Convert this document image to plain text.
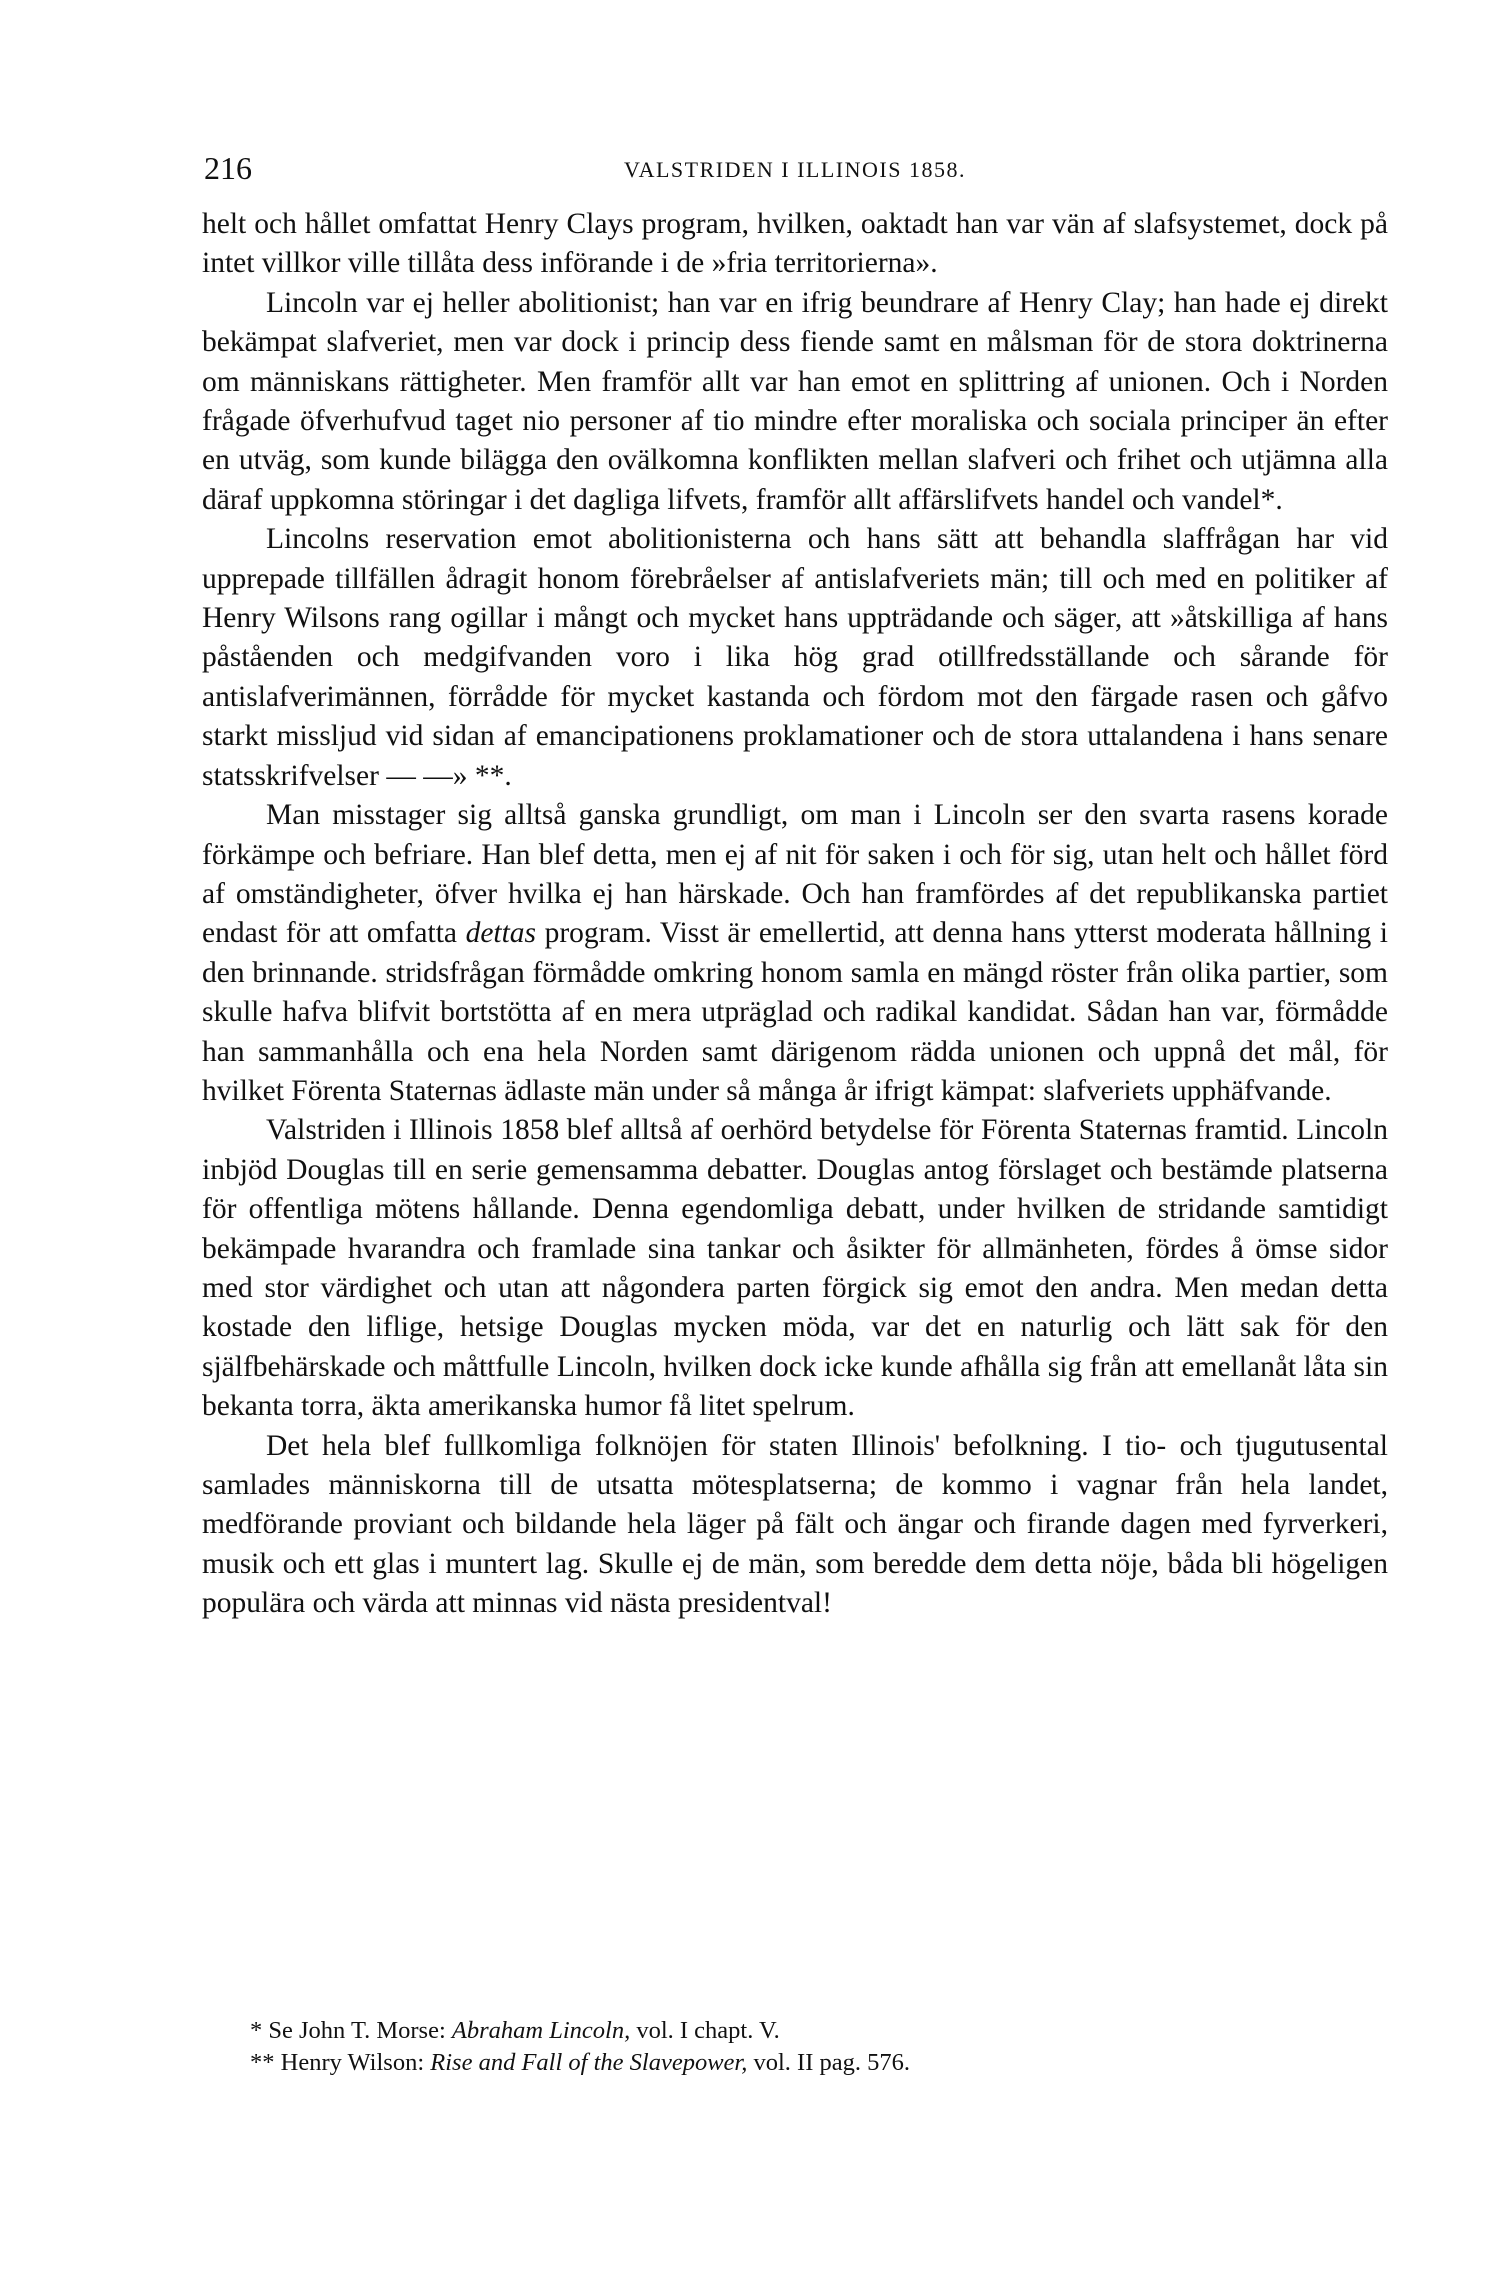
216	VALSTRIDEN I ILLINOIS 1858.

helt och hållet omfattat Henry Clays program, hvilken, oaktadt han var vän af slafsystemet, dock på intet villkor ville tillåta dess införande i de »fria territorierna».

Lincoln var ej heller abolitionist; han var en ifrig beundrare af Henry Clay; han hade ej direkt bekämpat slafveriet, men var dock i princip dess fiende samt en målsman för de stora doktrinerna om människans rättigheter. Men framför allt var han emot en splittring af unionen. Och i Norden frågade öfverhufvud taget nio personer af tio mindre efter moraliska och sociala principer än efter en utväg, som kunde bilägga den ovälkomna konflikten mellan slafveri och frihet och utjämna alla däraf uppkomna störingar i det dagliga lifvets, framför allt affärslifvets handel och vandel*.

Lincolns reservation emot abolitionisterna och hans sätt att behandla slaffrågan har vid upprepade tillfällen ådragit honom förebråelser af antislafveriets män; till och med en politiker af Henry Wilsons rang ogillar i mångt och mycket hans uppträdande och säger, att »åtskilliga af hans påståenden och medgifvanden voro i lika hög grad otillfredsställande och sårande för antislafverimännen, förrådde för mycket kastanda och fördom mot den färgade rasen och gåfvo starkt missljud vid sidan af emancipationens proklamationer och de stora uttalandena i hans senare statsskrifvelser — —» **.

Man misstager sig alltså ganska grundligt, om man i Lincoln ser den svarta rasens korade förkämpe och befriare. Han blef detta, men ej af nit för saken i och för sig, utan helt och hållet förd af omständigheter, öfver hvilka ej han härskade. Och han framfördes af det republikanska partiet endast för att omfatta dettas program. Visst är emellertid, att denna hans ytterst moderata hållning i den brinnande. stridsfrågan förmådde omkring honom samla en mängd röster från olika partier, som skulle hafva blifvit bortstötta af en mera utpräglad och radikal kandidat. Sådan han var, förmådde han sammanhålla och ena hela Norden samt därigenom rädda unionen och uppnå det mål, för hvilket Förenta Staternas ädlaste män under så många år ifrigt kämpat: slafveriets upphäfvande.

Valstriden i Illinois 1858 blef alltså af oerhörd betydelse för Förenta Staternas framtid. Lincoln inbjöd Douglas till en serie gemensamma debatter. Douglas antog förslaget och bestämde platserna för offentliga mötens hållande. Denna egendomliga debatt, under hvilken de stridande samtidigt bekämpade hvarandra och framlade sina tankar och åsikter för allmänheten, fördes å ömse sidor med stor värdighet och utan att någondera parten förgick sig emot den andra. Men medan detta kostade den liflige, hetsige Douglas mycken möda, var det en naturlig och lätt sak för den själfbehärskade och måttfulle Lincoln, hvilken dock icke kunde afhålla sig från att emellanåt låta sin bekanta torra, äkta amerikanska humor få litet spelrum.

Det hela blef fullkomliga folknöjen för staten Illinois' befolkning. I tio- och tjugutusental samlades människorna till de utsatta mötesplatserna; de kommo i vagnar från hela landet, medförande proviant och bildande hela läger på fält och ängar och firande dagen med fyrverkeri, musik och ett glas i muntert lag. Skulle ej de män, som beredde dem detta nöje, båda bli högeligen populära och värda att minnas vid nästa presidentval!

* Se John T. Morse: Abraham Lincoln, vol. I chapt. V.

** Henry Wilson: Rise and Fall of the Slavepower, vol. II pag. 576.
